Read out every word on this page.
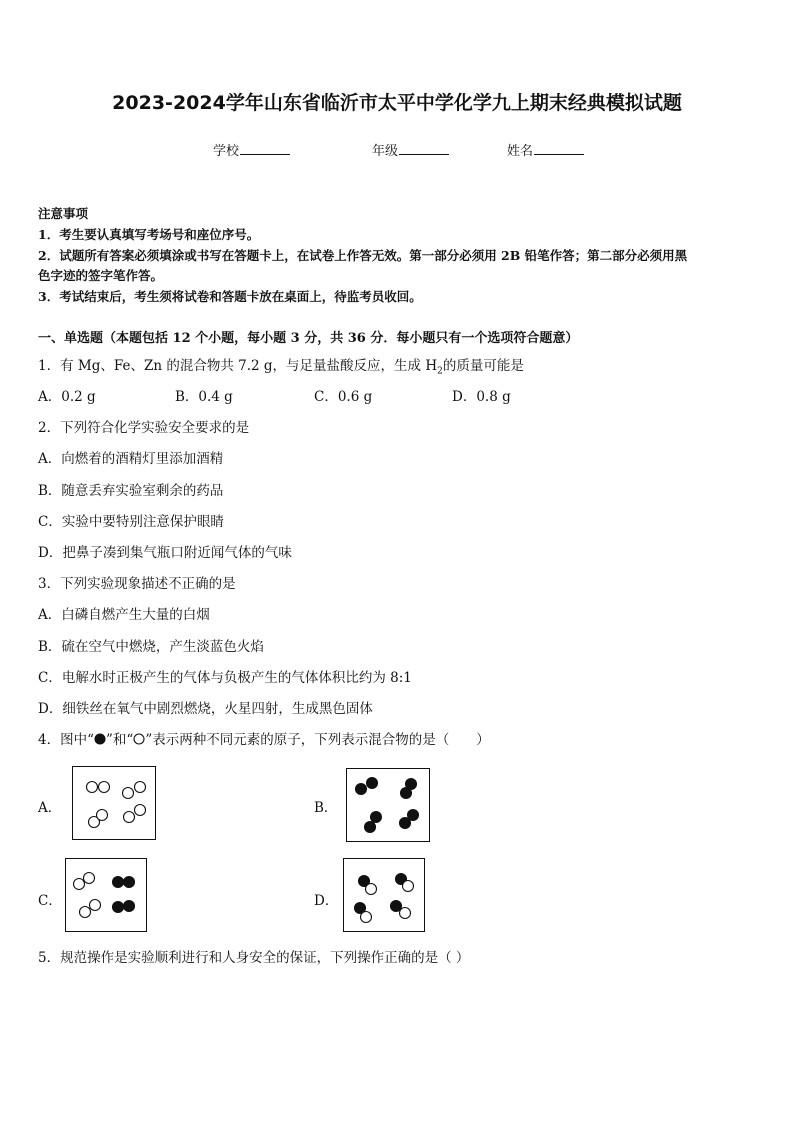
2023-2024学年山东省临沂市太平中学化学九上期末经典模拟试题
学校	年级	姓名
注意事项
1．考生要认真填写考场号和座位序号。
2．试题所有答案必须填涂或书写在答题卡上，在试卷上作答无效。第一部分必须用 2B 铅笔作答；第二部分必须用黑
色字迹的签字笔作答。
3．考试结束后，考生须将试卷和答题卡放在桌面上，待监考员收回。
一、单选题（本题包括 12 个小题，每小题 3 分，共 36 分．每小题只有一个选项符合题意）
1．有 Mg、Fe、Zn 的混合物共 7.2 g，与足量盐酸反应，生成 $H_2$的质量可能是
A．0.2 g	B．0.4 g	C．0.6 g	D．0.8 g
2．下列符合化学实验安全要求的是
A．向燃着的酒精灯里添加酒精
B．随意丢弃实验室剩余的药品
C．实验中要特别注意保护眼睛
D．把鼻子凑到集气瓶口附近闻气体的气味
3．下列实验现象描述不正确的是
A．白磷自燃产生大量的白烟
B．硫在空气中燃烧，产生淡蓝色火焰
C．电解水时正极产生的气体与负极产生的气体体积比约为 8:1
D．细铁丝在氧气中剧烈燃烧，火星四射，生成黑色固体
4．图中“ ”和“ ”表示两种不同元素的原子，下列表示混合物的是（　　）
A．	B．
C．	D．
5．规范操作是实验顺利进行和人身安全的保证，下列操作正确的是（ ）
